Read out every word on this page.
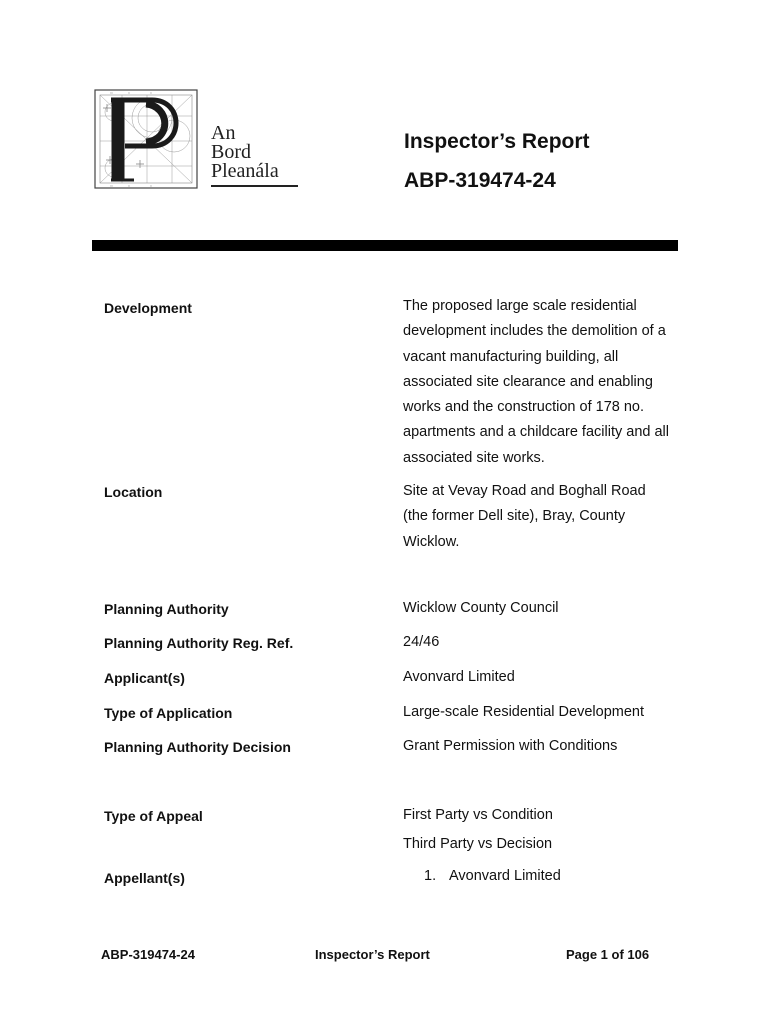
m	n	n
m	n	n
An
Bord
Pleanála
Inspector’s Report
ABP-319474-24
Development	The proposed large scale residential development includes the demolition of a vacant manufacturing building, all associated site clearance and enabling works and the construction of 178 no. apartments and a childcare facility and all associated site works.
Location	Site at Vevay Road and Boghall Road (the former Dell site), Bray, County Wicklow.
Planning Authority	Wicklow County Council
Planning Authority Reg. Ref.	24/46
Applicant(s)	Avonvard Limited
Type of Application	Large-scale Residential Development
Planning Authority Decision	Grant Permission with Conditions
Type of Appeal	First Party vs Condition
Third Party vs Decision
Appellant(s)	1. Avonvard Limited
ABP-319474-24	Inspector’s Report	Page 1 of 106
